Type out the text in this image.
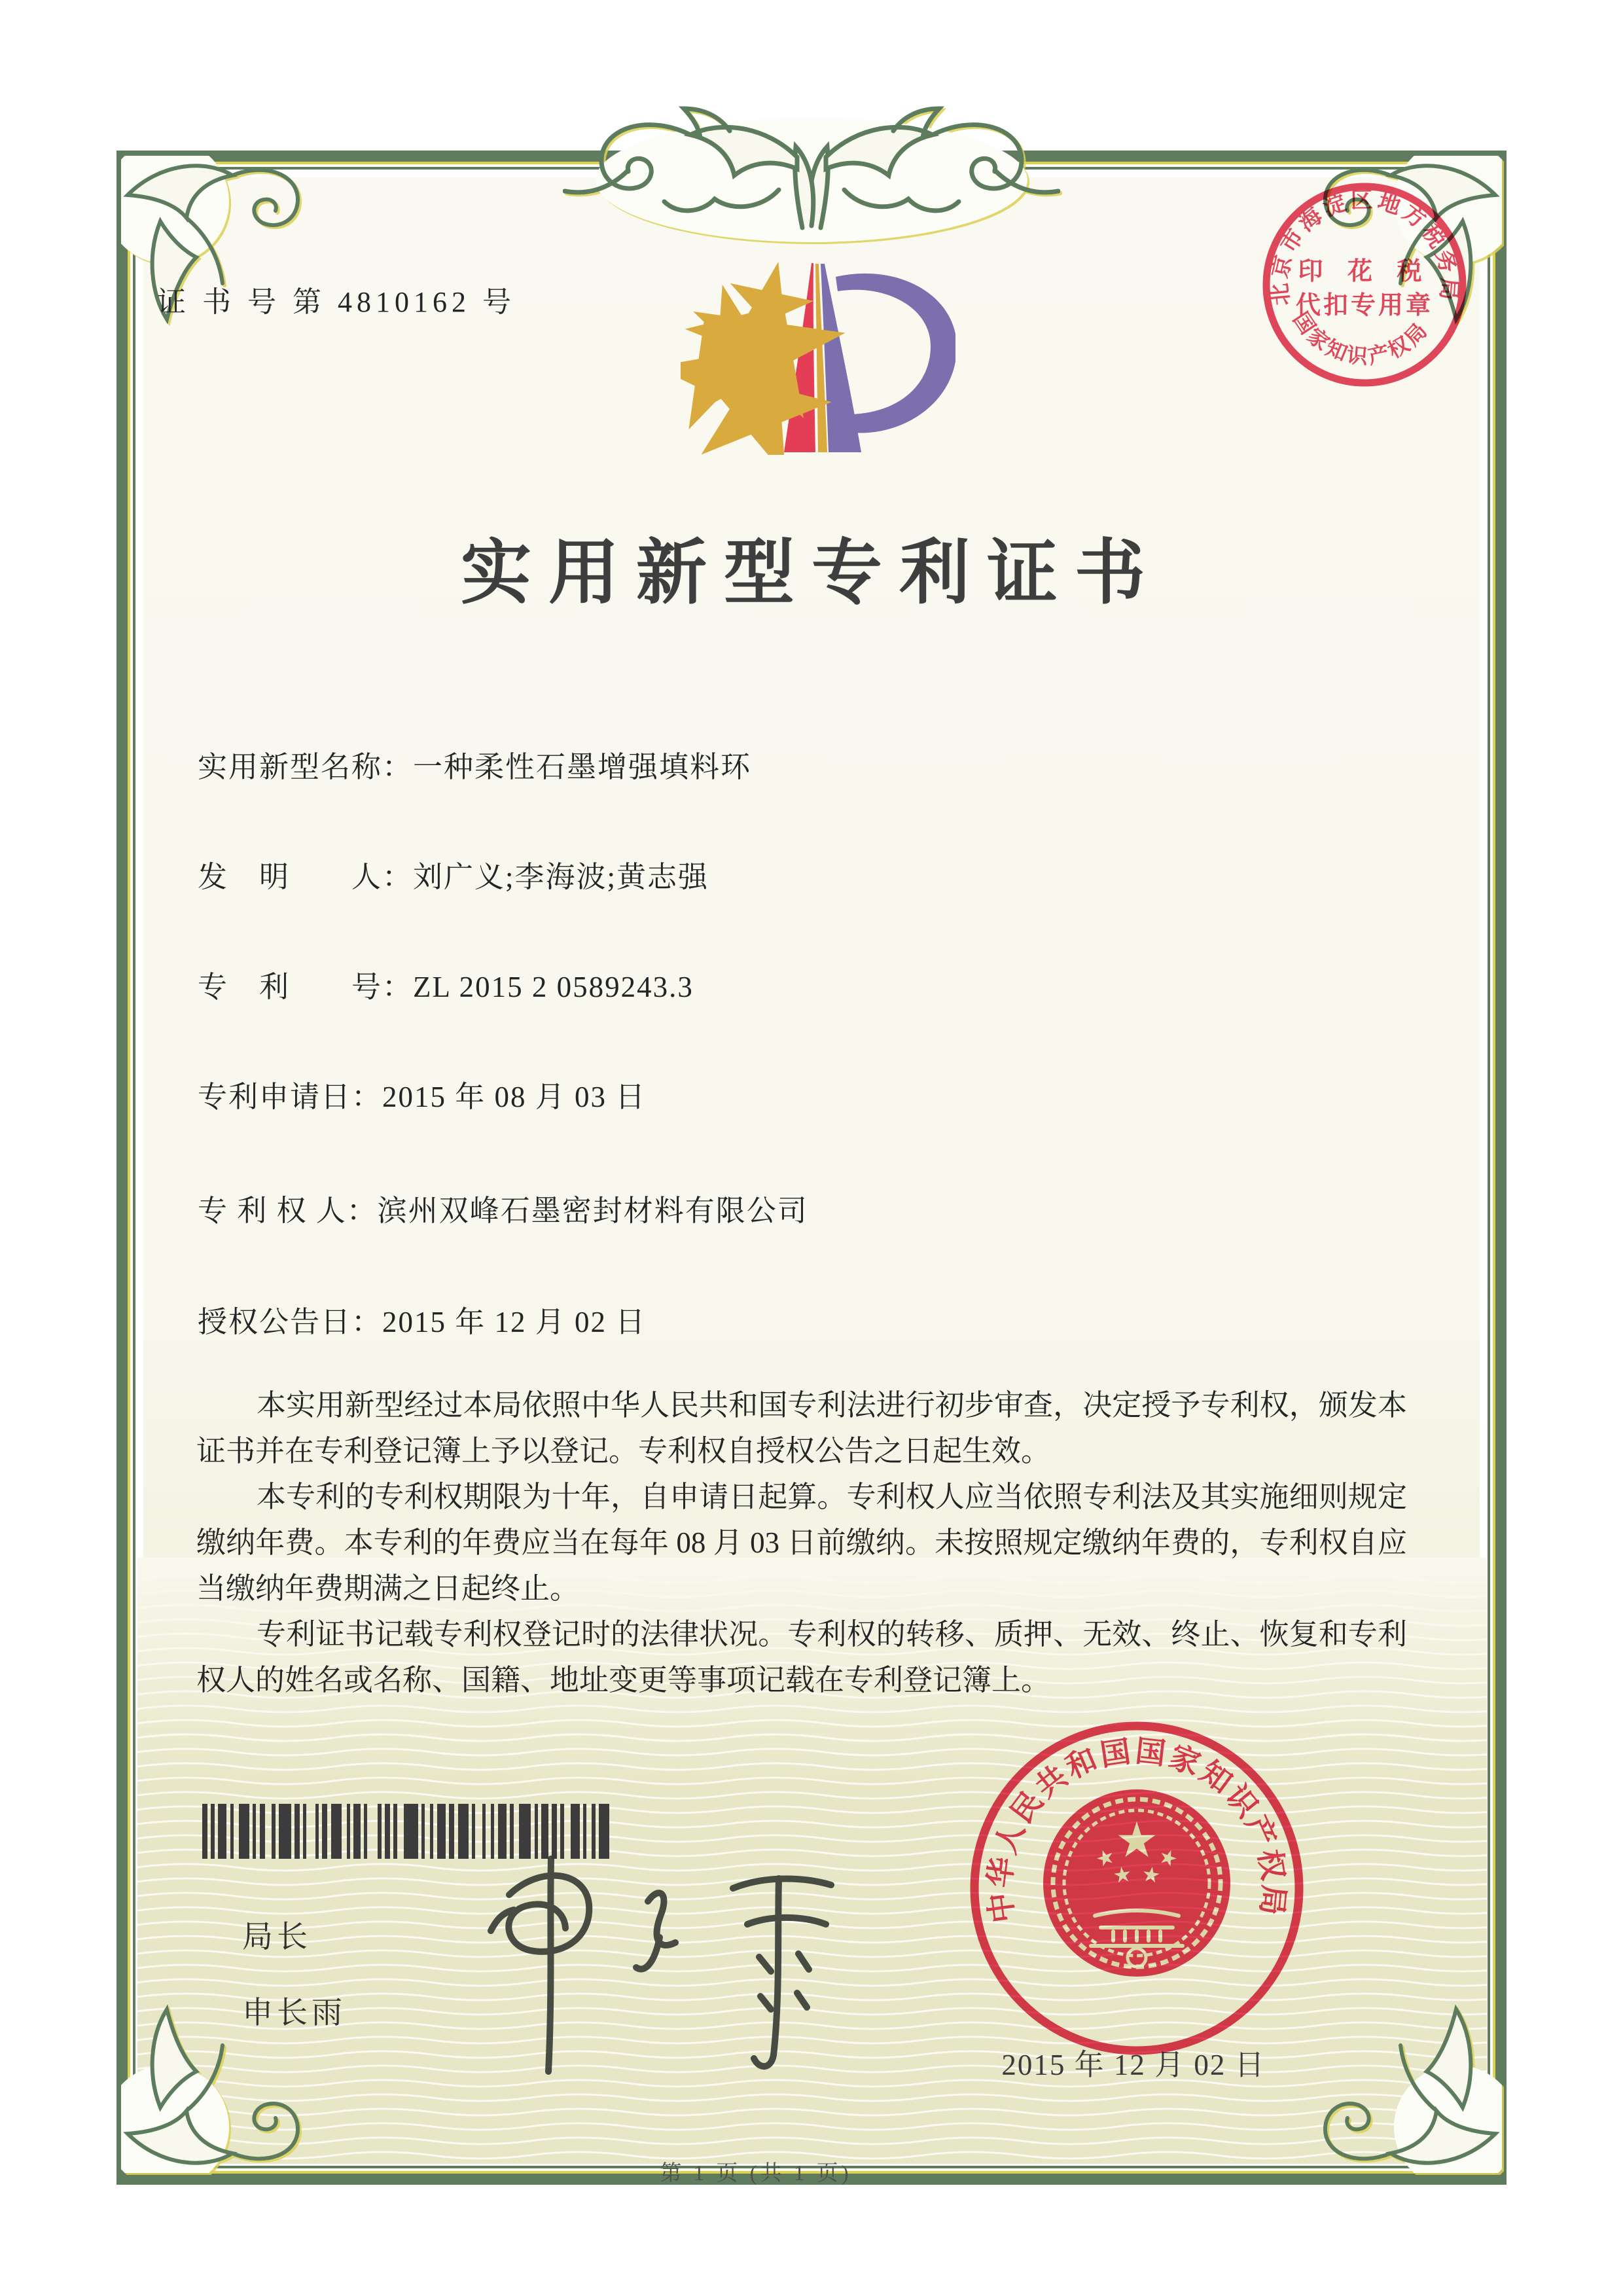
证 书 号 第 4810162 号	北京市海淀区地方税务局
国家知识产权局
印 花 税
代扣专用章
实用新型专利证书
实用新型名称：一种柔性石墨增强填料环
发　明　　人：刘广义;李海波;黄志强
专　利　　号：ZL 2015 2 0589243.3
专利申请日：2015 年 08 月 03 日
专 利 权 人：滨州双峰石墨密封材料有限公司
授权公告日：2015 年 12 月 02 日

本实用新型经过本局依照中华人民共和国专利法进行初步审查，决定授予专利权，颁发本证书并在专利登记簿上予以登记。专利权自授权公告之日起生效。

本专利的专利权期限为十年，自申请日起算。专利权人应当依照专利法及其实施细则规定缴纳年费。本专利的年费应当在每年 08 月 03 日前缴纳。未按照规定缴纳年费的，专利权自应当缴纳年费期满之日起终止。

专利证书记载专利权登记时的法律状况。专利权的转移、质押、无效、终止、恢复和专利权人的姓名或名称、国籍、地址变更等事项记载在专利登记簿上。

局长
申长雨
2015 年 12 月 02 日
中华人民共和国国家知识产权局
第 1 页 (共 1 页)
